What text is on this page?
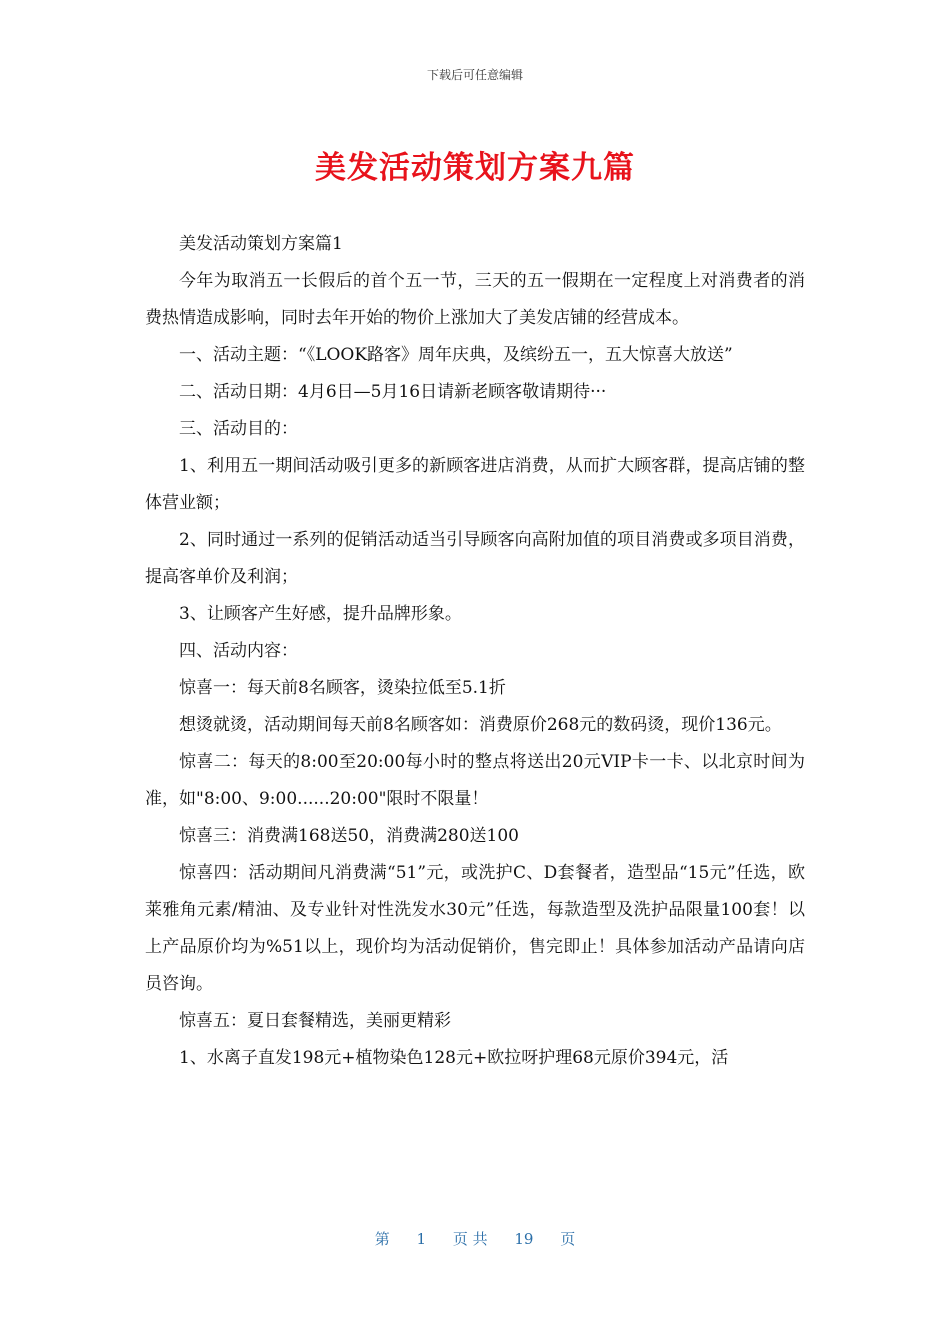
下载后可任意编辑
美发活动策划方案九篇

美发活动策划方案篇1

今年为取消五一长假后的首个五一节，三天的五一假期在一定程度上对消费者的消费热情造成影响，同时去年开始的物价上涨加大了美发店铺的经营成本。

一、活动主题：“《LOOK路客》周年庆典，及缤纷五一，五大惊喜大放送”

二、活动日期：4月6日—5月16日请新老顾客敬请期待···

三、活动目的：

1、利用五一期间活动吸引更多的新顾客进店消费，从而扩大顾客群，提高店铺的整体营业额；

2、同时通过一系列的促销活动适当引导顾客向高附加值的项目消费或多项目消费，提高客单价及利润；

3、让顾客产生好感，提升品牌形象。

四、活动内容：

惊喜一：每天前8名顾客，烫染拉低至5.1折

想烫就烫，活动期间每天前8名顾客如：消费原价268元的数码烫，现价136元。

惊喜二：每天的8:00至20:00每小时的整点将送出20元VIP卡一卡、以北京时间为准，如"8:00、9:00......20:00"限时不限量！

惊喜三：消费满168送50，消费满280送100

惊喜四：活动期间凡消费满“51”元，或洗护C、D套餐者，造型品“15元”任选，欧莱雅角元素/精油、及专业针对性洗发水30元”任选，每款造型及洗护品限量100套！以上产品原价均为%51以上，现价均为活动促销价，售完即止！具体参加活动产品请向店员咨询。

惊喜五：夏日套餐精选，美丽更精彩

1、水离子直发198元+植物染色128元+欧拉呀护理68元原价394元，活

第 1 页 共 19 页
